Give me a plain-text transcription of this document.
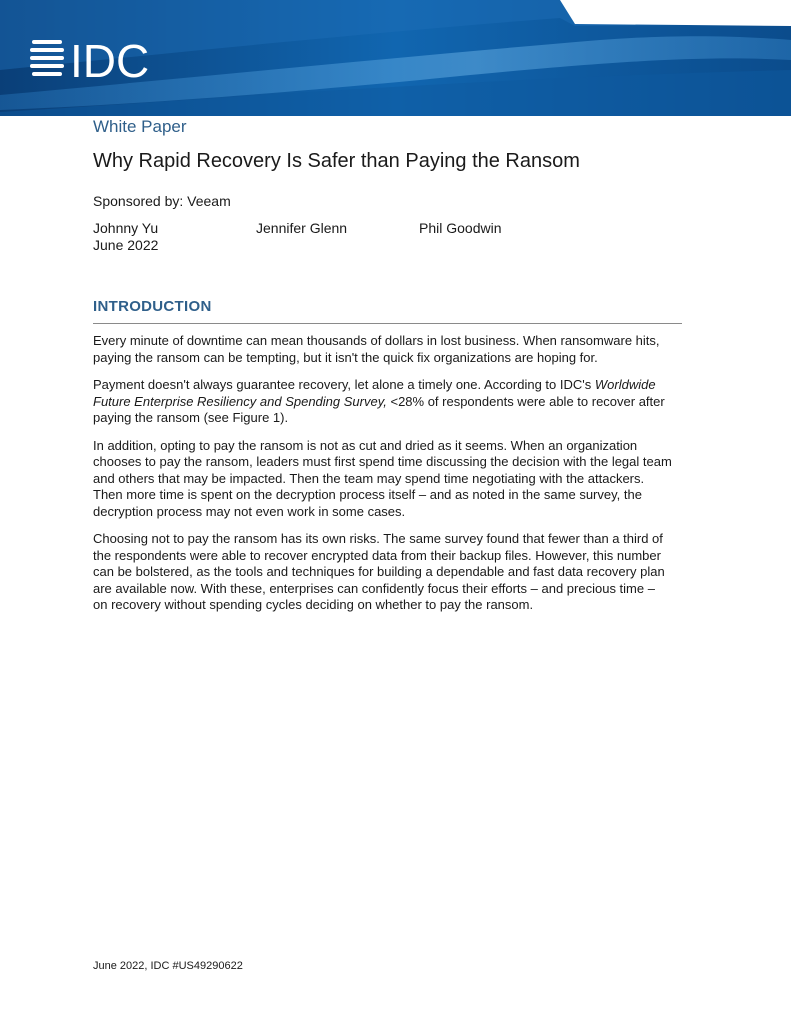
IDC
White Paper
Why Rapid Recovery Is Safer than Paying the Ransom
Sponsored by: Veeam
Johnny Yu	Jennifer Glenn	Phil Goodwin
June 2022
INTRODUCTION

Every minute of downtime can mean thousands of dollars in lost business. When ransomware hits, paying the ransom can be tempting, but it isn't the quick fix organizations are hoping for.

Payment doesn't always guarantee recovery, let alone a timely one. According to IDC's Worldwide Future Enterprise Resiliency and Spending Survey, <28% of respondents were able to recover after paying the ransom (see Figure 1).

In addition, opting to pay the ransom is not as cut and dried as it seems. When an organization chooses to pay the ransom, leaders must first spend time discussing the decision with the legal team and others that may be impacted. Then the team may spend time negotiating with the attackers. Then more time is spent on the decryption process itself – and as noted in the same survey, the decryption process may not even work in some cases.

Choosing not to pay the ransom has its own risks. The same survey found that fewer than a third of the respondents were able to recover encrypted data from their backup files. However, this number can be bolstered, as the tools and techniques for building a dependable and fast data recovery plan are available now. With these, enterprises can confidently focus their efforts – and precious time – on recovery without spending cycles deciding on whether to pay the ransom.

June 2022, IDC #US49290622
